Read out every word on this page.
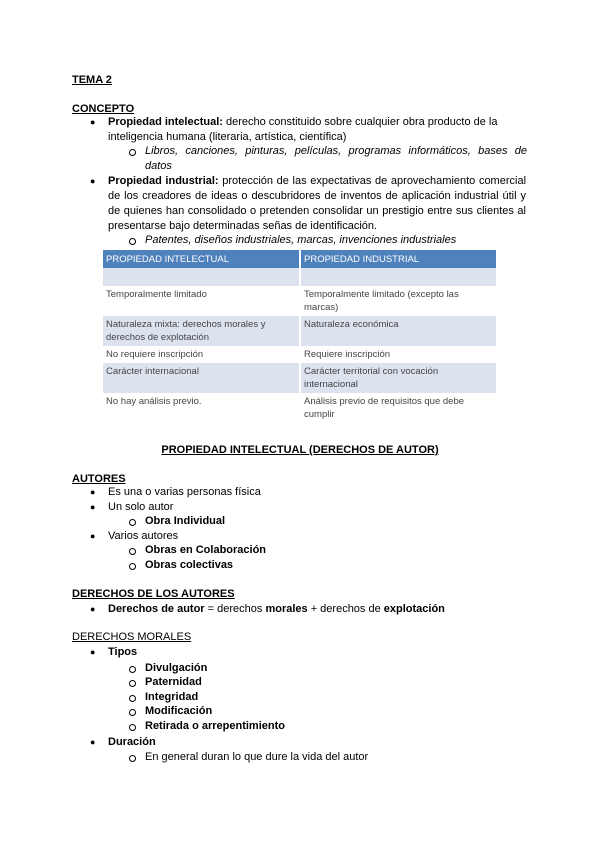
TEMA 2
CONCEPTO
● Propiedad intelectual: derecho constituido sobre cualquier obra producto de la
inteligencia humana (literaria, artística, científica)
Libros, canciones, pinturas, películas, programas informáticos, bases de
datos
● Propiedad industrial: protección de las expectativas de aprovechamiento comercial
de los creadores de ideas o descubridores de inventos de aplicación industrial útil y
de quienes han consolidado o pretenden consolidar un prestigio entre sus clientes al
presentarse bajo determinadas señas de identificación.
Patentes, diseños industriales, marcas, invenciones industriales
PROPIEDAD INTELECTUAL	PROPIEDAD INDUSTRIAL

Temporalmente limitado	Temporalmente limitado (excepto las marcas)
Naturaleza mixta: derechos morales y derechos de explotación	Naturaleza económica
No requiere inscripción	Requiere inscripción
Carácter internacional	Carácter territorial con vocación internacional
No hay análisis previo.	Análisis previo de requisitos que debe cumplir
PROPIEDAD INTELECTUAL (DERECHOS DE AUTOR)
AUTORES
● Es una o varias personas física
● Un solo autor
Obra Individual
● Varios autores
Obras en Colaboración
Obras colectivas
DERECHOS DE LOS AUTORES
● Derechos de autor = derechos morales + derechos de explotación
DERECHOS MORALES
● Tipos
Divulgación
Paternidad
Integridad
Modificación
Retirada o arrepentimiento
● Duración
En general duran lo que dure la vida del autor
